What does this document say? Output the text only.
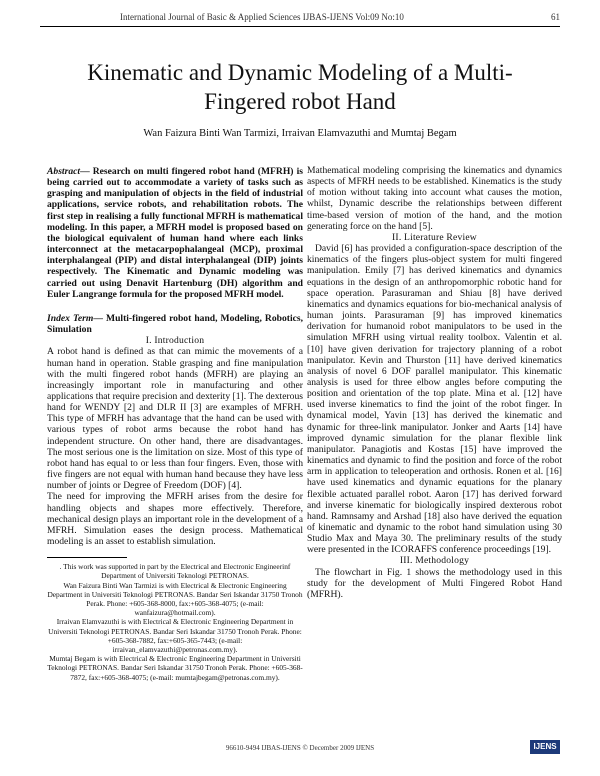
International Journal of Basic & Applied Sciences IJBAS-IJENS Vol:09 No:10	61
Kinematic and Dynamic Modeling of a Multi-Fingered robot Hand
Wan Faizura Binti Wan Tarmizi, Irraivan Elamvazuthi and Mumtaj Begam

Abstract— Research on multi fingered robot hand (MFRH) is being carried out to accommodate a variety of tasks such as grasping and manipulation of objects in the field of industrial applications, service robots, and rehabilitation robots. The first step in realising a fully functional MFRH is mathematical modeling. In this paper, a MFRH model is proposed based on the biological equivalent of human hand where each links interconnect at the metacarpophalangeal (MCP), proximal interphalangeal (PIP) and distal interphalangeal (DIP) joints respectively. The Kinematic and Dynamic modeling was carried out using Denavit Hartenburg (DH) algorithm and Euler Langrange formula for the proposed MFRH model.

Index Term— Multi-fingered robot hand, Modeling, Robotics, Simulation

I. Introduction

A robot hand is defined as that can mimic the movements of a human hand in operation. Stable grasping and fine manipulation with the multi fingered robot hands (MFRH) are playing an increasingly important role in manufacturing and other applications that require precision and dexterity [1]. The dexterous hand for WENDY [2] and DLR II [3] are examples of MFRH. This type of MFRH has advantage that the hand can be used with various types of robot arms because the robot hand has independent structure. On other hand, there are disadvantages. The most serious one is the limitation on size. Most of this type of robot hand has equal to or less than four fingers. Even, those with five fingers are not equal with human hand because they have less number of joints or Degree of Freedom (DOF) [4].

The need for improving the MFRH arises from the desire for handling objects and shapes more effectively. Therefore, mechanical design plays an important role in the development of a MFRH. Simulation eases the design process. Mathematical modeling is an asset to establish simulation.

. This work was supported in part by the Electrical and Electronic Engineerinf Department of Universiti Teknologi PETRONAS.

Wan Faizura Binti Wan Tarmizi is with Electrical & Electronic Engineering Department in Universiti Teknologi PETRONAS. Bandar Seri Iskandar 31750 Tronoh Perak. Phone: +605-368-8000, fax:+605-368-4075; (e-mail: wanfaizura@hotmail.com).

Irraivan Elamvazuthi is with Electrical & Electronic Engineering Department in Universiti Teknologi PETRONAS. Bandar Seri Iskandar 31750 Tronoh Perak. Phone: +605-368-7882, fax:+605-365-7443; (e-mail: irraivan_elamvazuthi@petronas.com.my).

Mumtaj Begam is with Electrical & Electronic Engineering Department in Universiti Teknologi PETRONAS. Bandar Seri Iskandar 31750 Tronoh Perak. Phone: +605-368-7872, fax:+605-368-4075; (e-mail: mumtajbegam@petronas.com.my).

Mathematical modeling comprising the kinematics and dynamics aspects of MFRH needs to be established. Kinematics is the study of motion without taking into account what causes the motion, whilst, Dynamic describe the relationships between different time-based version of motion of the hand, and the motion generating force on the hand [5].

II. Literature Review

David [6] has provided a configuration-space description of the kinematics of the fingers plus-object system for multi fingered manipulation. Emily [7] has derived kinematics and dynamics equations in the design of an anthropomorphic robotic hand for space operation. Parasuraman and Shiau [8] have derived kinematics and dynamics equations for bio-mechanical analysis of human joints. Parasuraman [9] has improved kinematics derivation for humanoid robot manipulators to be used in the simulation MFRH using virtual reality toolbox. Valentin et al. [10] have given derivation for trajectory planning of a robot manipulator. Kevin and Thurston [11] have derived kinematics analysis of novel 6 DOF parallel manipulator. This kinematic analysis is used for three elbow angles before computing the position and orientation of the top plate. Mina et al. [12] have used inverse kinematics to find the joint of the robot finger. In dynamical model, Yavin [13] has derived the kinematic and dynamic for three-link manipulator. Jonker and Aarts [14] have improved dynamic simulation for the planar flexible link manipulator. Panagiotis and Kostas [15] have improved the kinematics and dynamic to find the position and force of the robot arm in application to teleoperation and orthosis. Ronen et al. [16] have used kinematics and dynamic equations for the planary flexible actuated parallel robot. Aaron [17] has derived forward and inverse kinematic for biologically inspired dexterous robot hand. Ramnsamy and Arshad [18] also have derived the equation of kinematic and dynamic to the robot hand simulation using 30 Studio Max and Maya 30. The preliminary results of the study were presented in the ICORAFFS conference proceedings [19].

III. Methodology

The flowchart in Fig. 1 shows the methodology used in this study for the development of Multi Fingered Robot Hand (MFRH).

96610-9494 IJBAS-IJENS © December 2009 IJENS	IJENS
